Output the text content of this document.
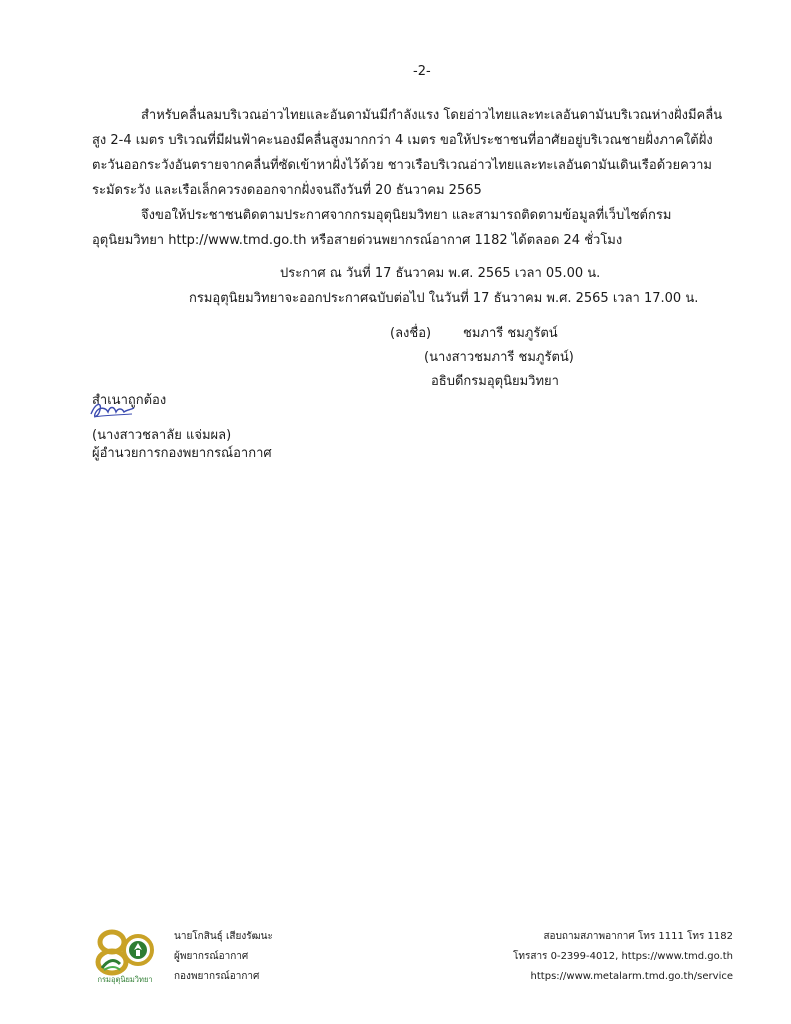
-2-
สำหรับคลื่นลมบริเวณอ่าวไทยและอันดามันมีกำลังแรง โดยอ่าวไทยและทะเลอันดามันบริเวณห่างฝั่งมีคลื่น
สูง 2-4 เมตร บริเวณที่มีฝนฟ้าคะนองมีคลื่นสูงมากกว่า 4 เมตร ขอให้ประชาชนที่อาศัยอยู่บริเวณชายฝั่งภาคใต้ฝั่ง
ตะวันออกระวังอันตรายจากคลื่นที่ซัดเข้าหาฝั่งไว้ด้วย ชาวเรือบริเวณอ่าวไทยและทะเลอันดามันเดินเรือด้วยความ
ระมัดระวัง และเรือเล็กควรงดออกจากฝั่งจนถึงวันที่ 20 ธันวาคม 2565
จึงขอให้ประชาชนติดตามประกาศจากกรมอุตุนิยมวิทยา และสามารถติดตามข้อมูลที่เว็บไซต์กรม
อุตุนิยมวิทยา http://www.tmd.go.th หรือสายด่วนพยากรณ์อากาศ 1182 ได้ตลอด 24 ชั่วโมง
ประกาศ ณ วันที่ 17 ธันวาคม พ.ศ. 2565 เวลา 05.00 น.
กรมอุตุนิยมวิทยาจะออกประกาศฉบับต่อไป ในวันที่ 17 ธันวาคม พ.ศ. 2565 เวลา 17.00 น.
(ลงชื่อ) ชมภารี ชมภูรัตน์
(นางสาวชมภารี ชมภูรัตน์)
อธิบดีกรมอุตุนิยมวิทยา
สำเนาถูกต้อง
(นางสาวชลาลัย แจ่มผล)
ผู้อำนวยการกองพยากรณ์อากาศ
กรมอุตุนิยมวิทยา
นายโกสินธุ์ เสียงรัฒนะ
ผู้พยากรณ์อากาศ
กองพยากรณ์อากาศ
สอบถามสภาพอากาศ โทร 1111 โทร 1182
โทรสาร 0-2399-4012, https://www.tmd.go.th
https://www.metalarm.tmd.go.th/service
